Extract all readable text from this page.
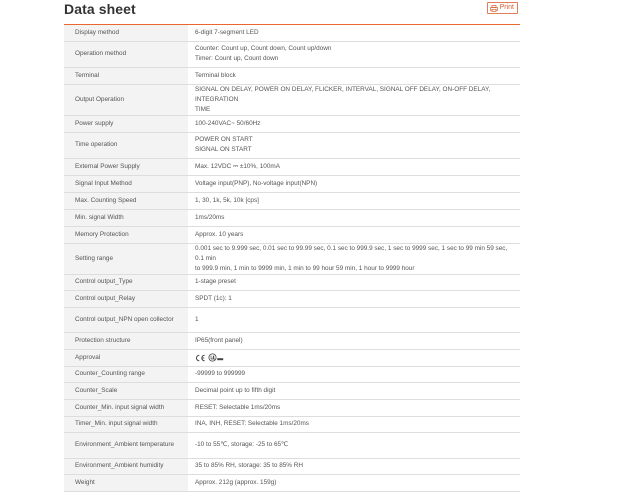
Data sheet	Print
Display method	6-digit 7-segment LED

Operation method	Counter: Count up, Count down, Count up/down
Timer: Count up, Count down

Terminal	Terminal block

Output Operation	SIGNAL ON DELAY, POWER ON DELAY, FLICKER, INTERVAL, SIGNAL OFF DELAY, ON-OFF DELAY, INTEGRATION
TIME

Power supply	100-240VAC~ 50/60Hz

Time operation	POWER ON START
SIGNAL ON START

External Power Supply	Max. 12VDC ⎓ ±10%, 100mA

Signal Input Method	Voltage input(PNP), No-voltage input(NPN)

Max. Counting Speed	1, 30, 1k, 5k, 10k [cps]

Min. signal Width	1ms/20ms

Memory Protection	Approx. 10 years

Setting range	0.001 sec to 9.999 sec, 0.01 sec to 99.99 sec, 0.1 sec to 999.9 sec, 1 sec to 9999 sec, 1 sec to 99 min 59 sec, 0.1 min
to 999.9 min, 1 min to 9999 min, 1 min to 99 hour 59 min, 1 hour to 9999 hour

Control output_Type	1-stage preset

Control output_Relay	SPDT (1c): 1

Control output_NPN open collector	1

Protection structure	IP65(front panel)

Approval	

Counter_Counting range	-99999 to 999999

Counter_Scale	Decimal point up to fifth digit

Counter_Min. input signal width	RESET: Selectable 1ms/20ms

Timer_Min. input signal width	INA, INH, RESET: Selectable 1ms/20ms

Environment_Ambient temperature	-10 to 55℃, storage: -25 to 65℃

Environment_Ambient humidity	35 to 85% RH, storage: 35 to 85% RH

Weight	Approx. 212g (approx. 159g)
